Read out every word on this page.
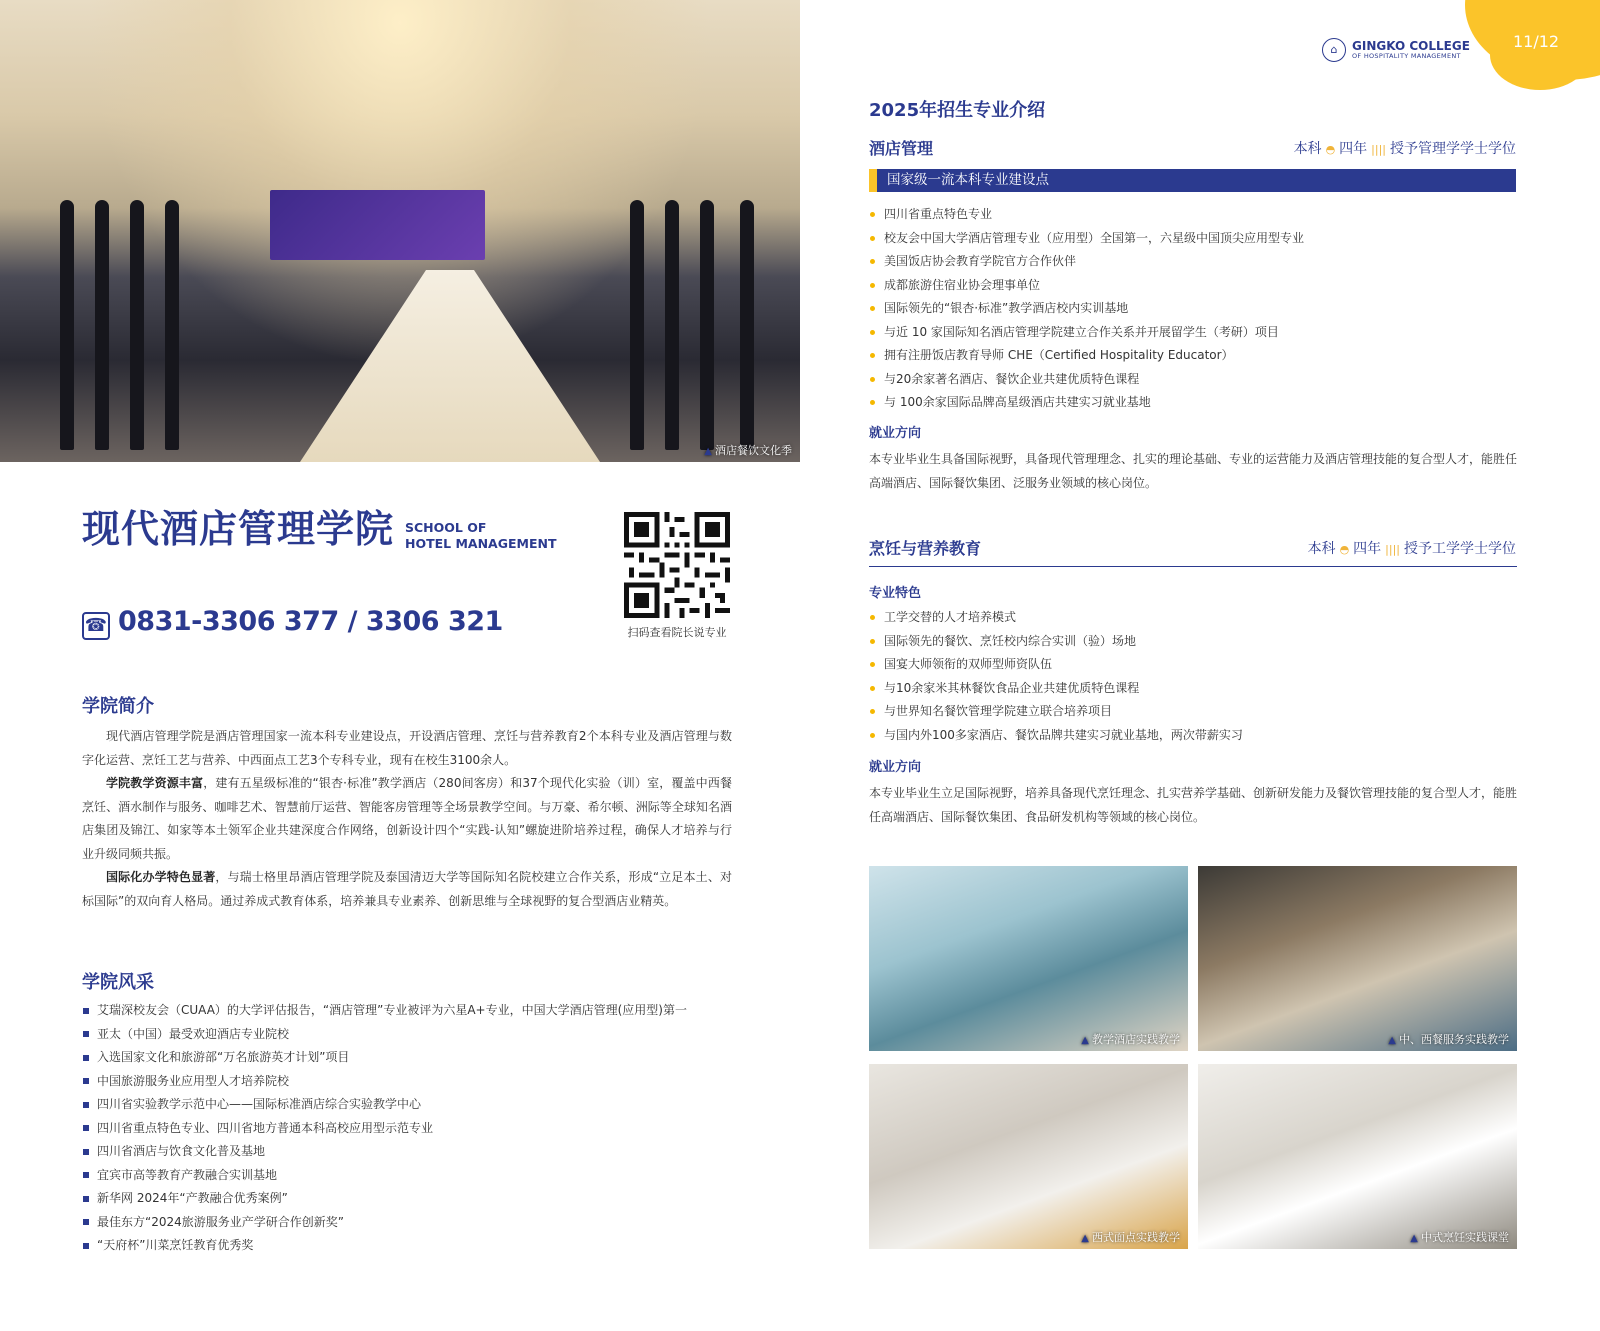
▲ 酒店餐饮文化季
现代酒店管理学院 SCHOOL OF
HOTEL MANAGEMENT
☎ 0831-3306 377 / 3306 321	扫码查看院长说专业
学院简介

现代酒店管理学院是酒店管理国家一流本科专业建设点，开设酒店管理、烹饪与营养教育2个本科专业及酒店管理与数字化运营、烹饪工艺与营养、中西面点工艺3个专科专业，现有在校生3100余人。

学院教学资源丰富，建有五星级标准的“银杏·标准”教学酒店（280间客房）和37个现代化实验（训）室，覆盖中西餐烹饪、酒水制作与服务、咖啡艺术、智慧前厅运营、智能客房管理等全场景教学空间。与万豪、希尔顿、洲际等全球知名酒店集团及锦江、如家等本土领军企业共建深度合作网络，创新设计四个“实践-认知”螺旋进阶培养过程，确保人才培养与行业升级同频共振。

国际化办学特色显著，与瑞士格里昂酒店管理学院及泰国清迈大学等国际知名院校建立合作关系，形成“立足本土、对标国际”的双向育人格局。通过养成式教育体系，培养兼具专业素养、创新思维与全球视野的复合型酒店业精英。

学院风采
艾瑞深校友会（CUAA）的大学评估报告，“酒店管理”专业被评为六星A+专业，中国大学酒店管理(应用型)第一
亚太（中国）最受欢迎酒店专业院校
入选国家文化和旅游部“万名旅游英才计划”项目
中国旅游服务业应用型人才培养院校
四川省实验教学示范中心——国际标准酒店综合实验教学中心
四川省重点特色专业、四川省地方普通本科高校应用型示范专业
四川省酒店与饮食文化普及基地
宜宾市高等教育产教融合实训基地
新华网 2024年“产教融合优秀案例”
最佳东方“2024旅游服务业产学研合作创新奖”
“天府杯”川菜烹饪教育优秀奖
11/12
⌂	GINGKO COLLEGE
OF HOSPITALITY MANAGEMENT
2025年招生专业介绍
酒店管理	本科 ◓ 四年 |||| 授予管理学学士学位
国家级一流本科专业建设点
四川省重点特色专业
校友会中国大学酒店管理专业（应用型）全国第一，六星级中国顶尖应用型专业
美国饭店协会教育学院官方合作伙伴
成都旅游住宿业协会理事单位
国际领先的“银杏·标准”教学酒店校内实训基地
与近 10 家国际知名酒店管理学院建立合作关系并开展留学生（考研）项目
拥有注册饭店教育导师 CHE（Certified Hospitality Educator）
与20余家著名酒店、餐饮企业共建优质特色课程
与 100余家国际品牌高星级酒店共建实习就业基地
就业方向
本专业毕业生具备国际视野，具备现代管理理念、扎实的理论基础、专业的运营能力及酒店管理技能的复合型人才，能胜任高端酒店、国际餐饮集团、泛服务业领域的核心岗位。
烹饪与营养教育	本科 ◓ 四年 |||| 授予工学学士学位
专业特色
工学交替的人才培养模式
国际领先的餐饮、烹饪校内综合实训（验）场地
国宴大师领衔的双师型师资队伍
与10余家米其林餐饮食品企业共建优质特色课程
与世界知名餐饮管理学院建立联合培养项目
与国内外100多家酒店、餐饮品牌共建实习就业基地，两次带薪实习
就业方向
本专业毕业生立足国际视野，培养具备现代烹饪理念、扎实营养学基础、创新研发能力及餐饮管理技能的复合型人才，能胜任高端酒店、国际餐饮集团、食品研发机构等领域的核心岗位。
▲ 教学酒店实践教学	▲ 中、西餐服务实践教学
▲ 西式面点实践教学	▲ 中式烹饪实践课堂
